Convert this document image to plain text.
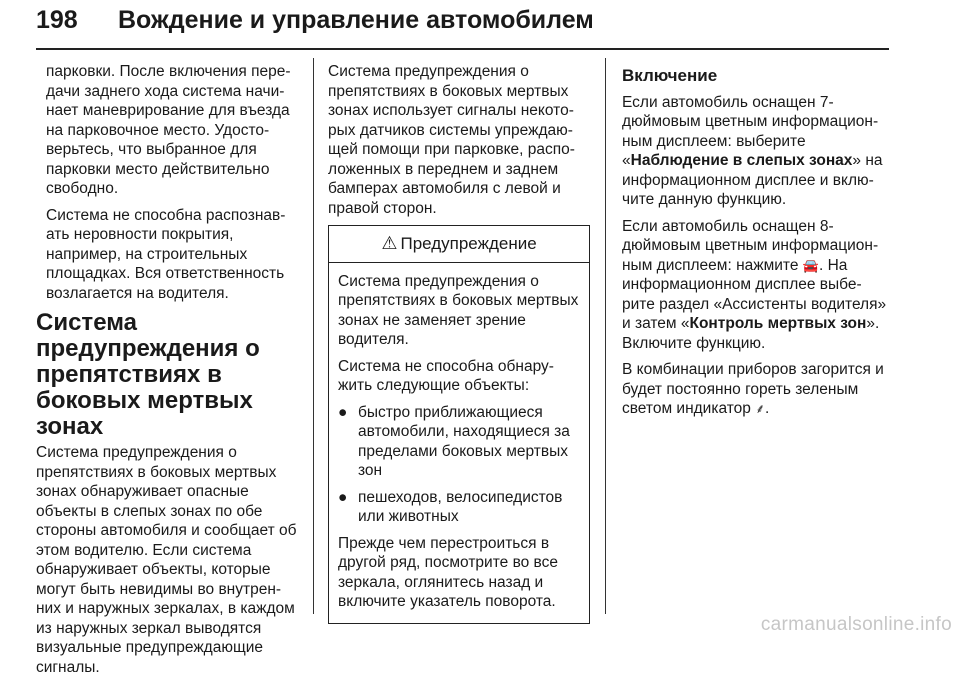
198 Вождение и управление автомобилем

парковки. После включения передачи заднего хода система начинает маневрирование для въезда на парковочное место. Удостоверьтесь, что выбранное для парковки место действительно свободно.

Система не способна распознавать неровности покрытия, например, на строительных площадках. Вся ответственность возлагается на водителя.

Система предупреждения о препятствиях в боковых мертвых зонах

Система предупреждения о препятствиях в боковых мертвых зонах обнаруживает опасные объекты в слепых зонах по обе стороны автомобиля и сообщает об этом водителю. Если система обнаруживает объекты, которые могут быть невидимы во внутренних и наружных зеркалах, в каждом из наружных зеркал выводятся визуальные предупреждающие сигналы.

Система предупреждения о препятствиях в боковых мертвых зонах использует сигналы некоторых датчиков системы упреждающей помощи при парковке, расположенных в переднем и заднем бамперах автомобиля с левой и правой сторон.

⚠ Предупреждение

Система предупреждения о препятствиях в боковых мертвых зонах не заменяет зрение водителя.

Система не способна обнаружить следующие объекты:

● быстро приближающиеся автомобили, находящиеся за пределами боковых мертвых зон
● пешеходов, велосипедистов или животных

Прежде чем перестроиться в другой ряд, посмотрите во все зеркала, оглянитесь назад и включите указатель поворота.

Включение

Если автомобиль оснащен 7-дюймовым цветным информационным дисплеем: выберите «Наблюдение в слепых зонах» на информационном дисплее и включите данную функцию.

Если автомобиль оснащен 8-дюймовым цветным информационным дисплеем: нажмите 🚘. На информационном дисплее выберите раздел «Ассистенты водителя» и затем «Контроль мертвых зон». Включите функцию.

В комбинации приборов загорится и будет постоянно гореть зеленым светом индикатор ⸙.

carmanualsonline.info
